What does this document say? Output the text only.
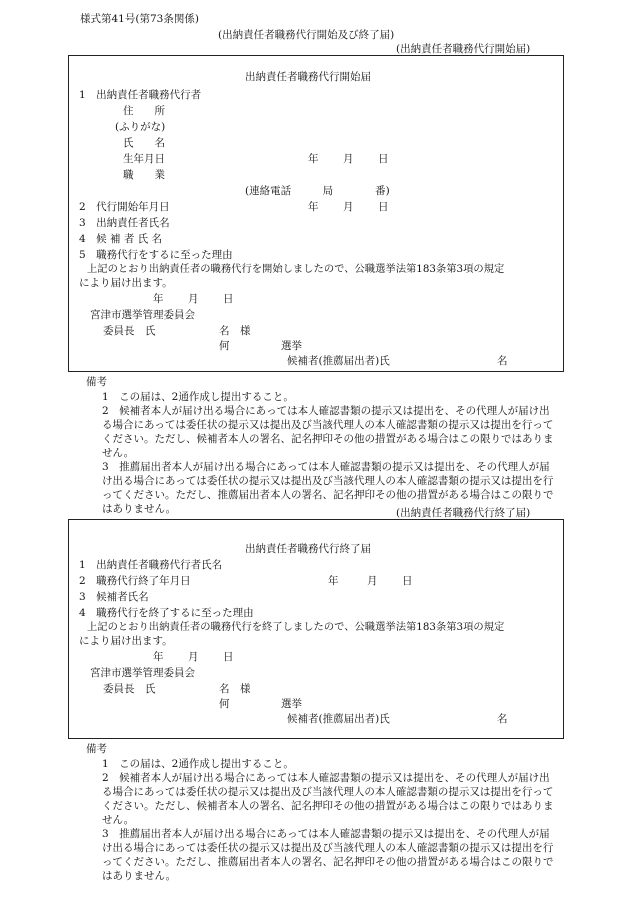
様式第41号(第73条関係)
(出納責任者職務代行開始及び終了届)
(出納責任者職務代行開始届)
出納責任者職務代行開始届
1　出納責任者職務代行者
住　　所
(ふりがな)
氏　　名
生年月日	年 月 日
職　　業
(連絡電話　　　局　　　　番)
2　代行開始年月日	年 月 日
3　出納責任者氏名
4　候 補 者 氏 名
5　職務代行をするに至った理由
上記のとおり出納責任者の職務代行を開始しましたので、公職選挙法第183条第3項の規定
により届け出ます。
年 月 日
宮津市選挙管理委員会
委員長　氏	名　様
何	選挙
候補者(推薦届出者)氏	名
備考
1　この届は、2通作成し提出すること。
2　候補者本人が届け出る場合にあっては本人確認書類の提示又は提出を、その代理人が届け出る場合にあっては委任状の提示又は提出及び当該代理人の本人確認書類の提示又は提出を行ってください。ただし、候補者本人の署名、記名押印その他の措置がある場合はこの限りではありません。
3　推薦届出者本人が届け出る場合にあっては本人確認書類の提示又は提出を、その代理人が届け出る場合にあっては委任状の提示又は提出及び当該代理人の本人確認書類の提示又は提出を行ってください。ただし、推薦届出者本人の署名、記名押印その他の措置がある場合はこの限りではありません。	(出納責任者職務代行終了届)
出納責任者職務代行終了届
1　出納責任者職務代行者氏名
2　職務代行終了年月日	年	月 日
3　候補者氏名
4　職務代行を終了するに至った理由
上記のとおり出納責任者の職務代行を終了しましたので、公職選挙法第183条第3項の規定
により届け出ます。
年 月 日
宮津市選挙管理委員会
委員長　氏	名　様
何	選挙
候補者(推薦届出者)氏	名
備考
1　この届は、2通作成し提出すること。
2　候補者本人が届け出る場合にあっては本人確認書類の提示又は提出を、その代理人が届け出る場合にあっては委任状の提示又は提出及び当該代理人の本人確認書類の提示又は提出を行ってください。ただし、候補者本人の署名、記名押印その他の措置がある場合はこの限りではありません。
3　推薦届出者本人が届け出る場合にあっては本人確認書類の提示又は提出を、その代理人が届け出る場合にあっては委任状の提示又は提出及び当該代理人の本人確認書類の提示又は提出を行ってください。ただし、推薦届出者本人の署名、記名押印その他の措置がある場合はこの限りではありません。
